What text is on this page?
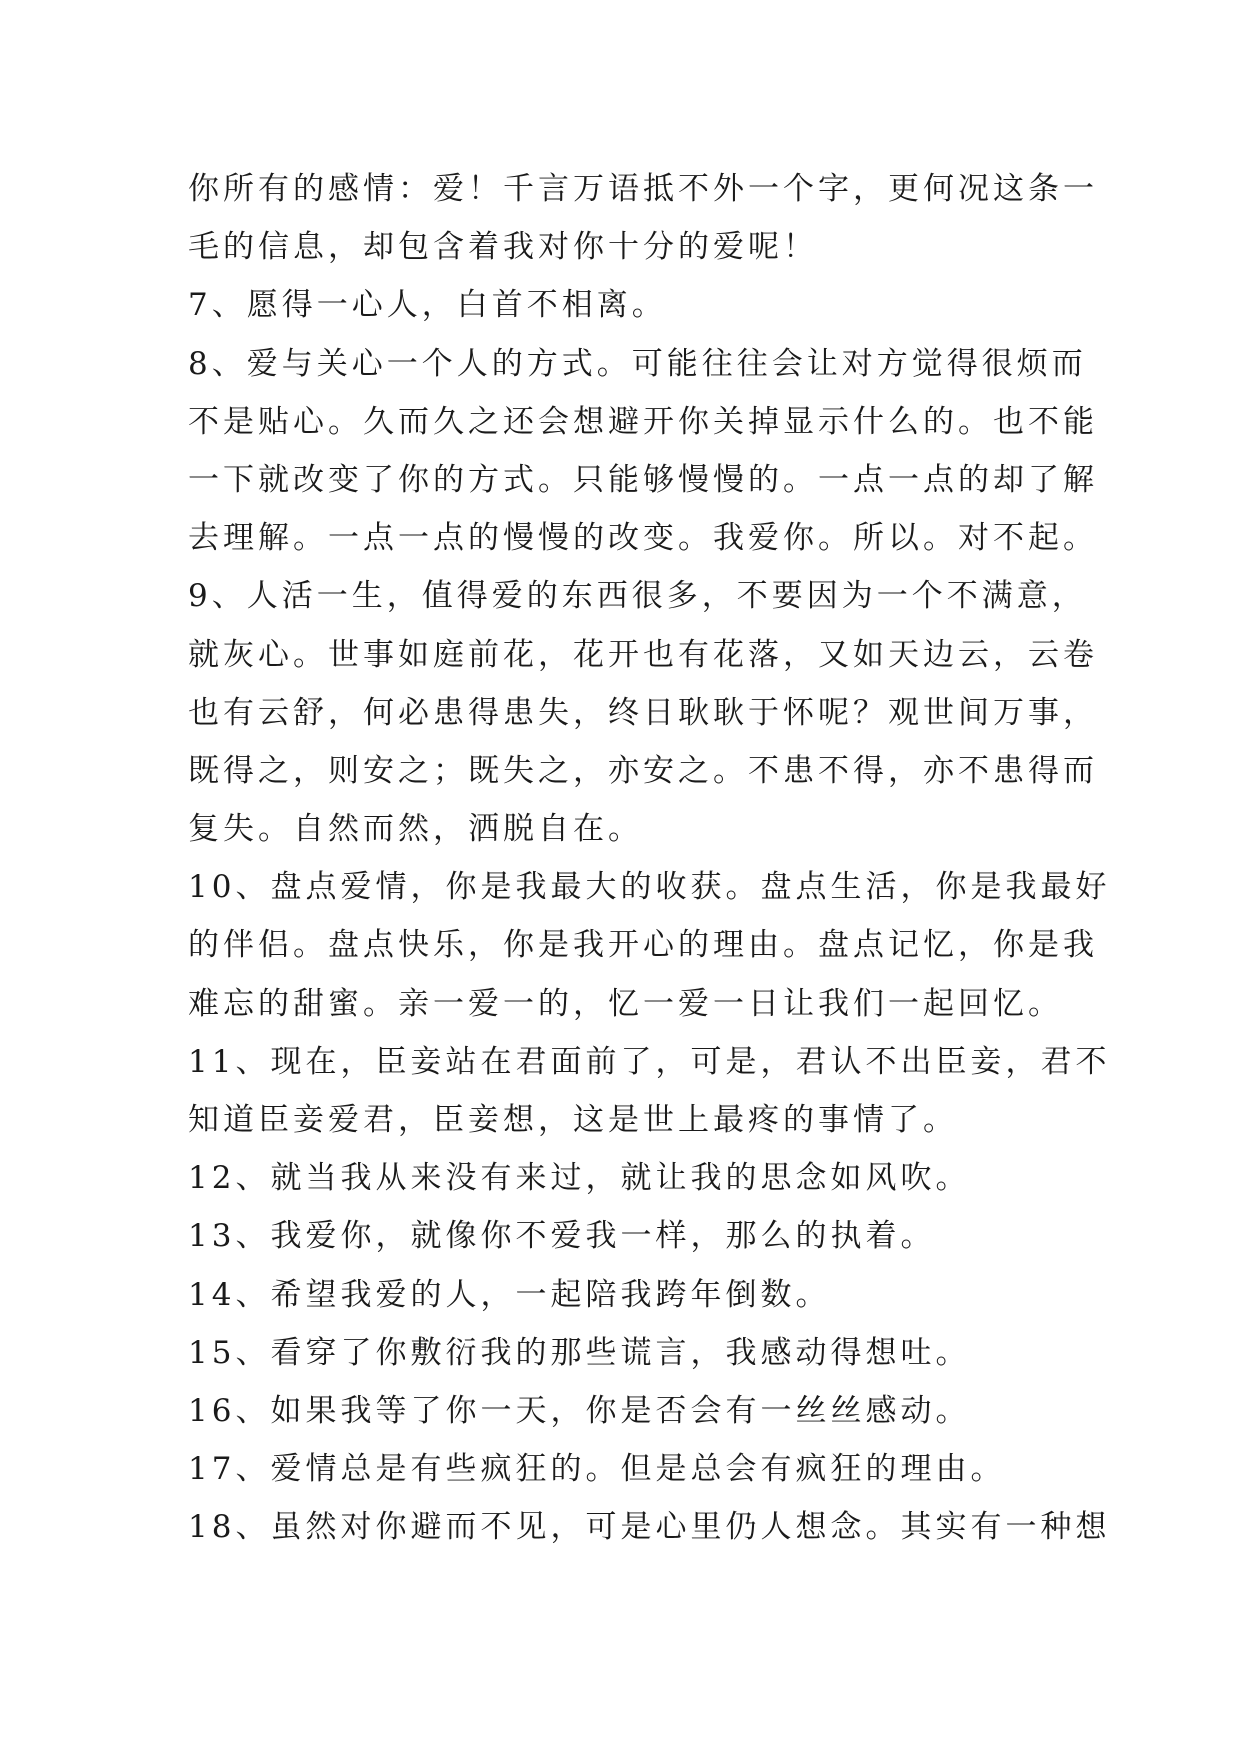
你所有的感情：爱！千言万语抵不外一个字，更何况这条一
毛的信息，却包含着我对你十分的爱呢！
7、愿得一心人，白首不相离。
8、爱与关心一个人的方式。可能往往会让对方觉得很烦而
不是贴心。久而久之还会想避开你关掉显示什么的。也不能
一下就改变了你的方式。只能够慢慢的。一点一点的却了解
去理解。一点一点的慢慢的改变。我爱你。所以。对不起。
9、人活一生，值得爱的东西很多，不要因为一个不满意，
就灰心。世事如庭前花，花开也有花落，又如天边云，云卷
也有云舒，何必患得患失，终日耿耿于怀呢？观世间万事，
既得之，则安之；既失之，亦安之。不患不得，亦不患得而
复失。自然而然，洒脱自在。
10、盘点爱情，你是我最大的收获。盘点生活，你是我最好
的伴侣。盘点快乐，你是我开心的理由。盘点记忆，你是我
难忘的甜蜜。亲一爱一的，忆一爱一日让我们一起回忆。
11、现在，臣妾站在君面前了，可是，君认不出臣妾，君不
知道臣妾爱君，臣妾想，这是世上最疼的事情了。
12、就当我从来没有来过，就让我的思念如风吹。
13、我爱你，就像你不爱我一样，那么的执着。
14、希望我爱的人，一起陪我跨年倒数。
15、看穿了你敷衍我的那些谎言，我感动得想吐。
16、如果我等了你一天，你是否会有一丝丝感动。
17、爱情总是有些疯狂的。但是总会有疯狂的理由。
18、虽然对你避而不见，可是心里仍人想念。其实有一种想
